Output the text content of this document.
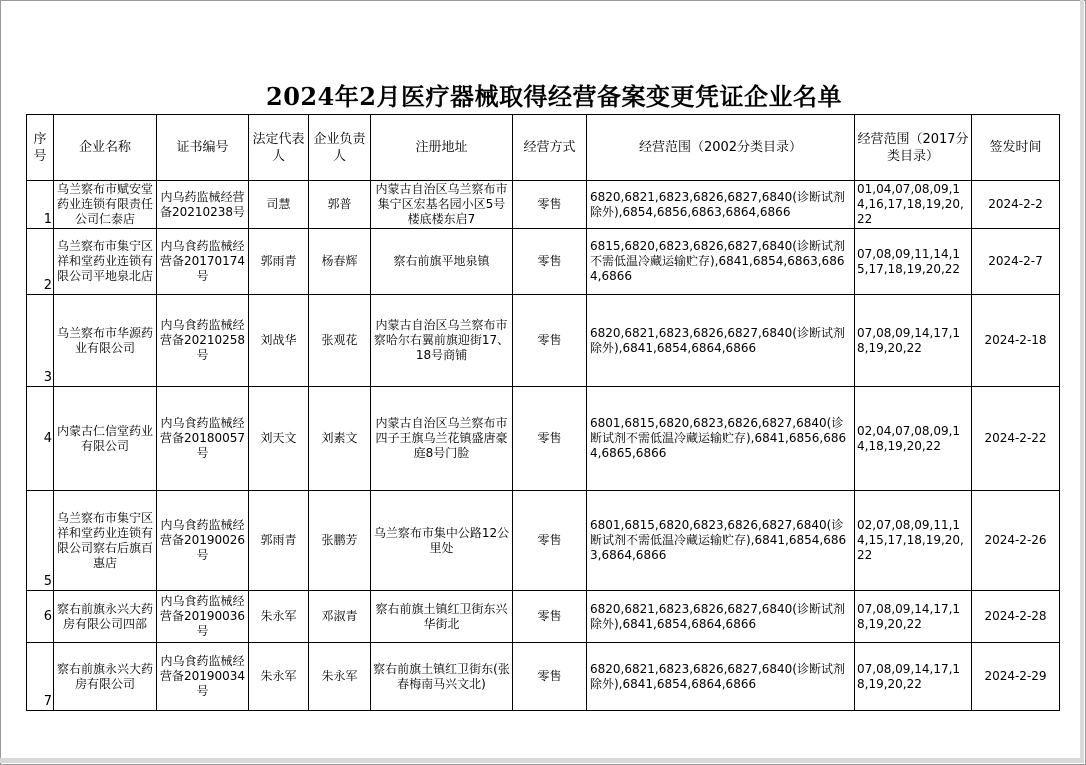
2024年2月医疗器械取得经营备案变更凭证企业名单
序号	企业名称	证书编号	法定代表人	企业负责人	注册地址	经营方式	经营范围（2002分类目录）	经营范围（2017分类目录）	签发时间
1	乌兰察布市赋安堂药业连锁有限责任公司仁泰店	内乌药监械经营备20210238号	司慧	郭普	内蒙古自治区乌兰察布市集宁区宏基名园小区5号楼底楼东启7	零售	6820,6821,6823,6826,6827,6840(诊断试剂除外),6854,6856,6863,6864,6866	01,04,07,08,09,14,16,17,18,19,20,22	2024-2-2
2	乌兰察布市集宁区祥和堂药业连锁有限公司平地泉北店	内乌食药监械经营备20170174号	郭雨青	杨春辉	察右前旗平地泉镇	零售	6815,6820,6823,6826,6827,6840(诊断试剂不需低温冷藏运输贮存),6841,6854,6863,6864,6866	07,08,09,11,14,15,17,18,19,20,22	2024-2-7
3	乌兰察布市华源药业有限公司	内乌食药监械经营备20210258号	刘战华	张观花	内蒙古自治区乌兰察布市察哈尔右翼前旗迎街17、18号商铺	零售	6820,6821,6823,6826,6827,6840(诊断试剂除外),6841,6854,6864,6866	07,08,09,14,17,18,19,20,22	2024-2-18
4	内蒙古仁信堂药业有限公司	内乌食药监械经营备20180057号	刘天文	刘素文	内蒙古自治区乌兰察布市四子王旗乌兰花镇盛唐豪庭8号门脸	零售	6801,6815,6820,6823,6826,6827,6840(诊断试剂不需低温冷藏运输贮存),6841,6856,6864,6865,6866	02,04,07,08,09,14,18,19,20,22	2024-2-22
5	乌兰察布市集宁区祥和堂药业连锁有限公司察右后旗百惠店	内乌食药监械经营备20190026号	郭雨青	张鹏芳	乌兰察布市集中公路12公里处	零售	6801,6815,6820,6823,6826,6827,6840(诊断试剂不需低温冷藏运输贮存),6841,6854,6863,6864,6866	02,07,08,09,11,14,15,17,18,19,20,22	2024-2-26
6	察右前旗永兴大药房有限公司四部	内乌食药监械经营备20190036号	朱永军	邓淑青	察右前旗土镇红卫街东兴华街北	零售	6820,6821,6823,6826,6827,6840(诊断试剂除外),6841,6854,6864,6866	07,08,09,14,17,18,19,20,22	2024-2-28
7	察右前旗永兴大药房有限公司	内乌食药监械经营备20190034号	朱永军	朱永军	察右前旗土镇红卫街东(张春梅南马兴文北)	零售	6820,6821,6823,6826,6827,6840(诊断试剂除外),6841,6854,6864,6866	07,08,09,14,17,18,19,20,22	2024-2-29
